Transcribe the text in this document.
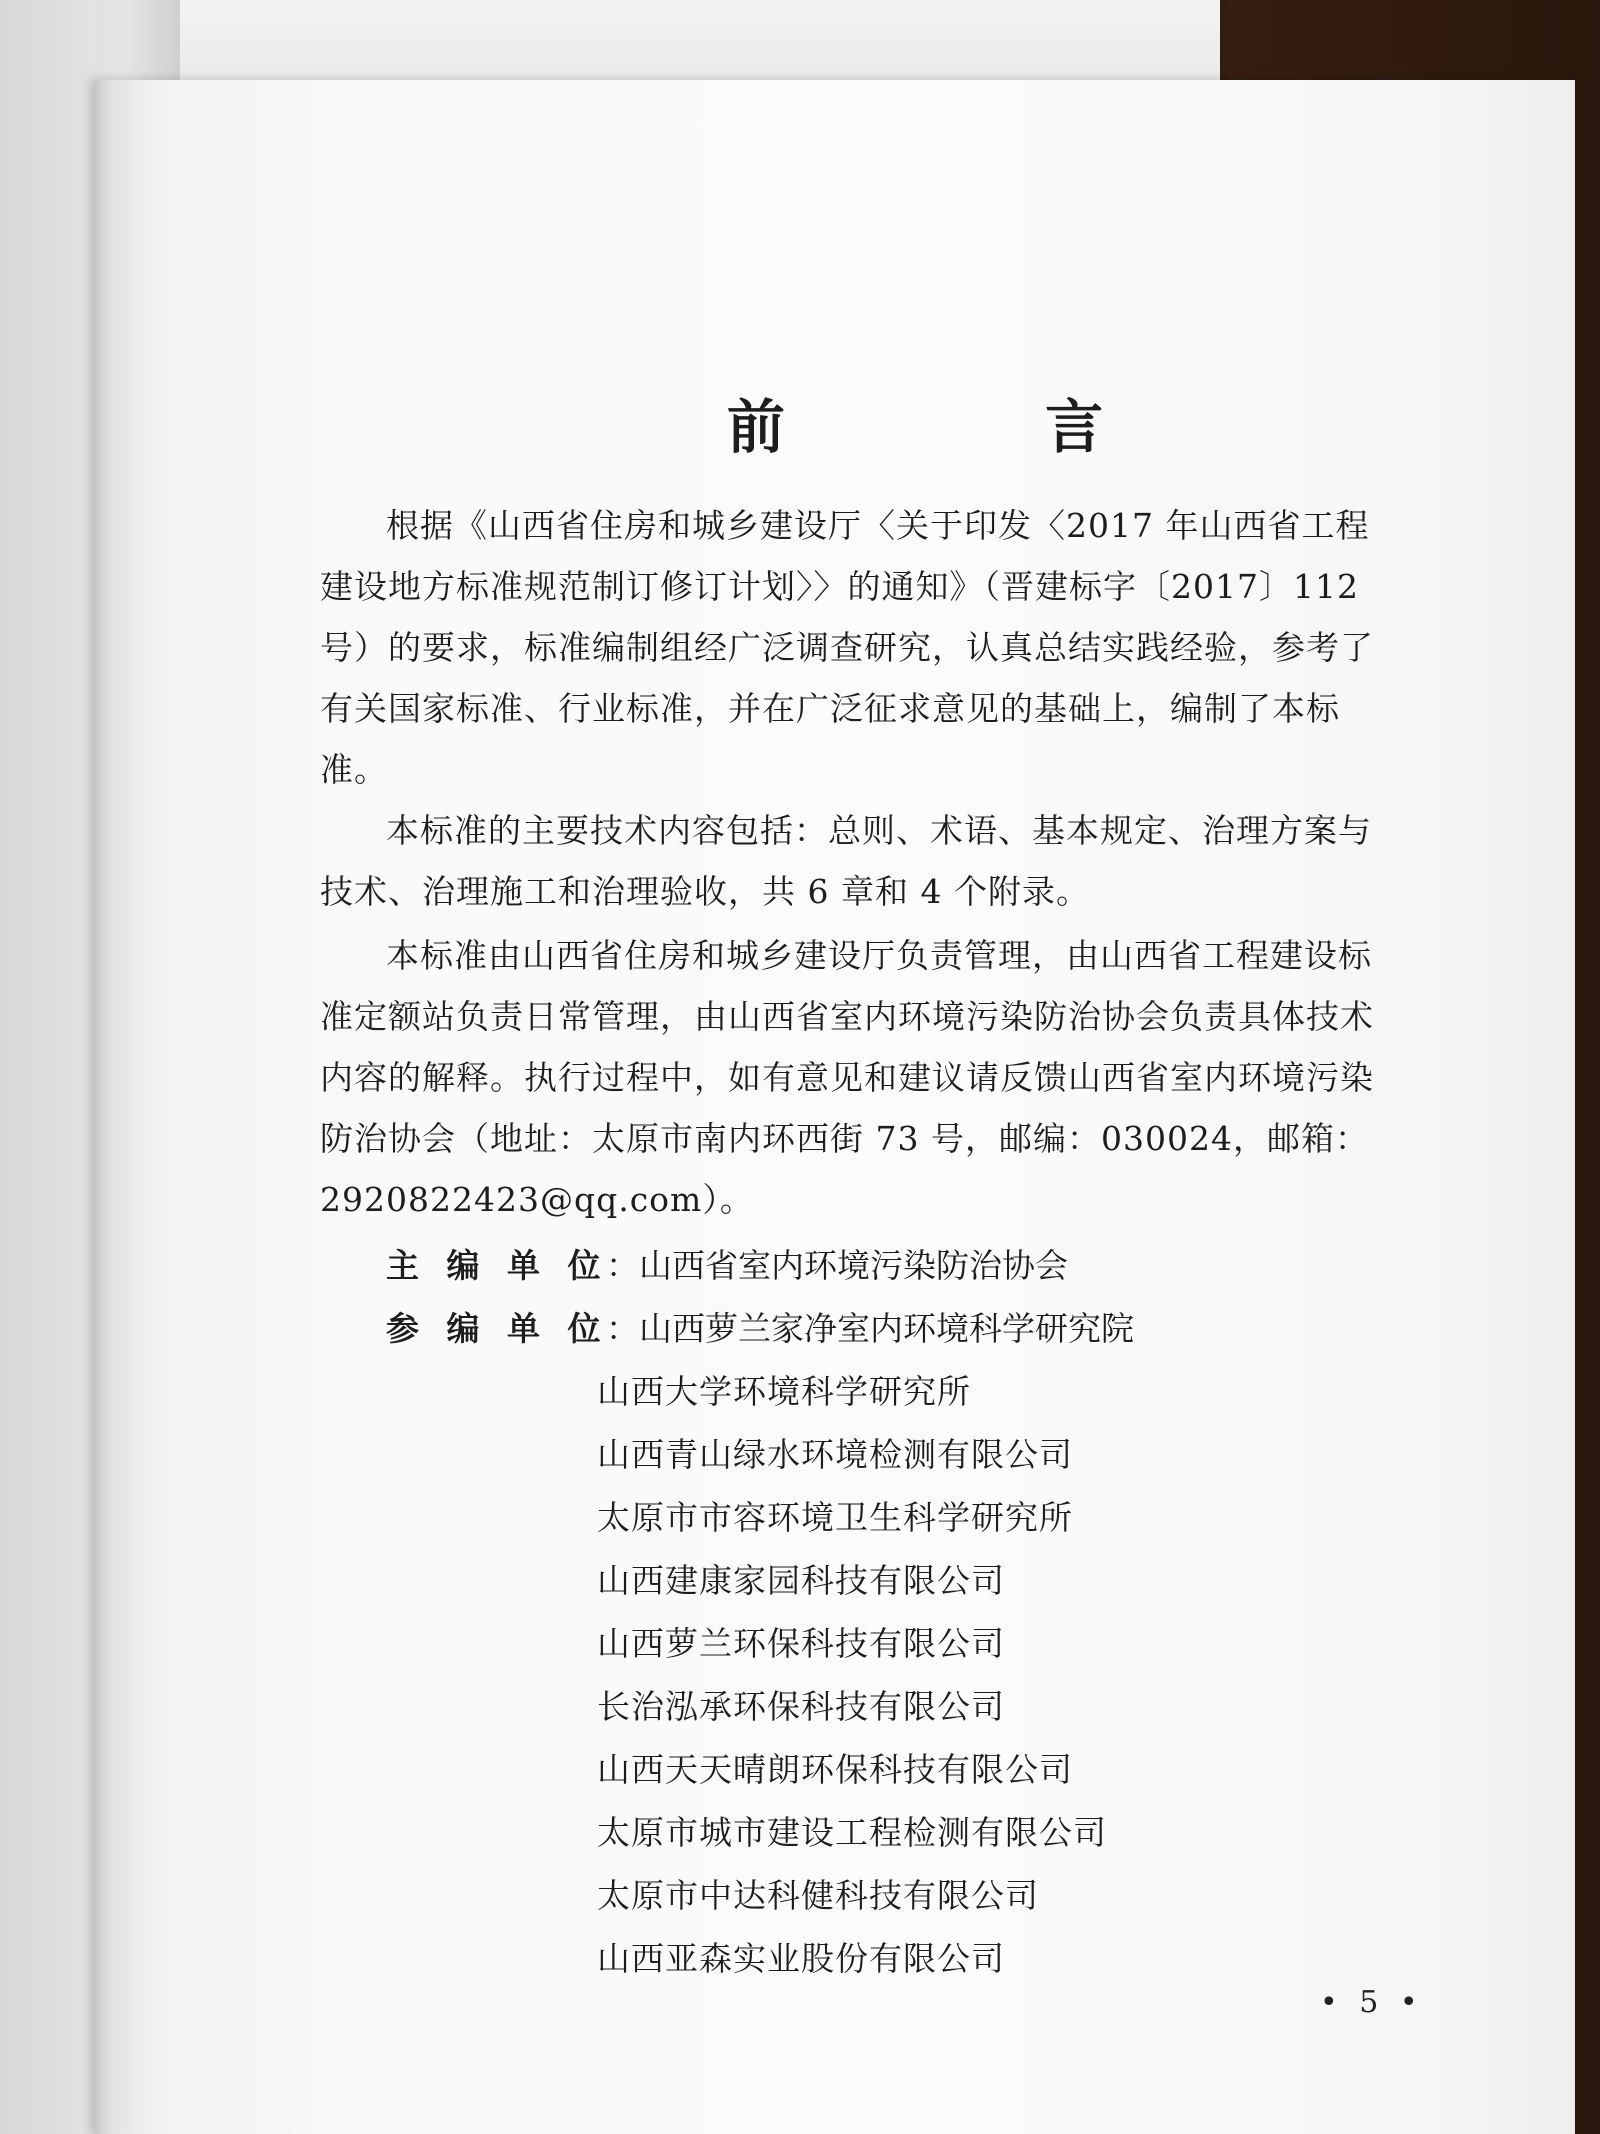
前 言

根据《山西省住房和城乡建设厅〈关于印发〈2017 年山西省工程建设地方标准规范制订修订计划〉〉的通知》（晋建标字〔2017〕112 号）的要求，标准编制组经广泛调查研究，认真总结实践经验，参考了有关国家标准、行业标准，并在广泛征求意见的基础上，编制了本标准。

本标准的主要技术内容包括：总则、术语、基本规定、治理方案与技术、治理施工和治理验收，共 6 章和 4 个附录。

本标准由山西省住房和城乡建设厅负责管理，由山西省工程建设标准定额站负责日常管理，由山西省室内环境污染防治协会负责具体技术内容的解释。执行过程中，如有意见和建议请反馈山西省室内环境污染防治协会（地址：太原市南内环西街 73 号，邮编：030024，邮箱：2920822423@qq.com）。

主 编 单 位
： 山西省室内环境污染防治协会
参 编 单 位
： 山西萝兰家净室内环境科学研究院
山西大学环境科学研究所
山西青山绿水环境检测有限公司
太原市市容环境卫生科学研究所
山西建康家园科技有限公司
山西萝兰环保科技有限公司
长治泓承环保科技有限公司
山西天天晴朗环保科技有限公司
太原市城市建设工程检测有限公司
太原市中达科健科技有限公司
山西亚森实业股份有限公司
• 5 •
